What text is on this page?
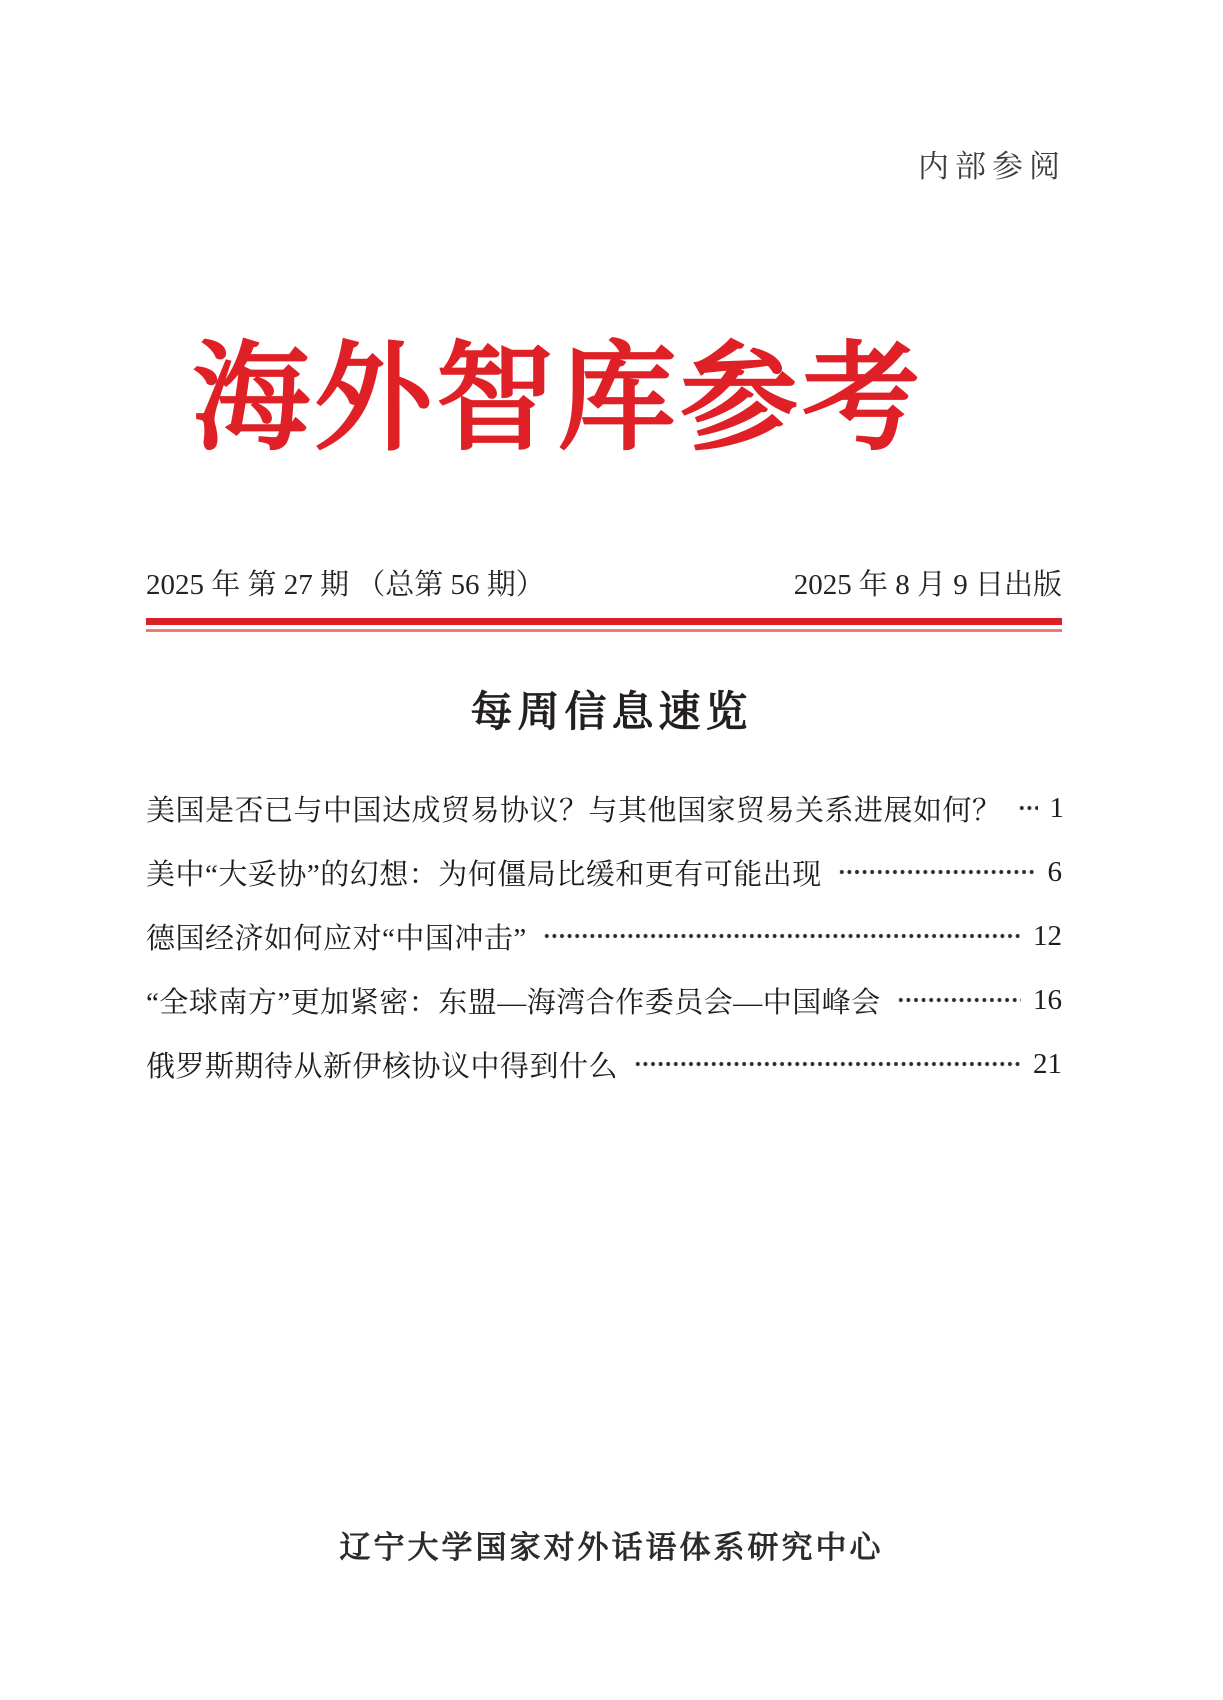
内部参阅
海外智库参考
2025 年 第 27 期 （总第 56 期）	2025 年 8 月 9 日出版
每周信息速览
美国是否已与中国达成贸易协议？与其他国家贸易关系进展如何？ 1
美中“大妥协”的幻想：为何僵局比缓和更有可能出现	6
德国经济如何应对“中国冲击”	12
“全球南方”更加紧密：东盟—海湾合作委员会—中国峰会	16
俄罗斯期待从新伊核协议中得到什么	21
辽宁大学国家对外话语体系研究中心
